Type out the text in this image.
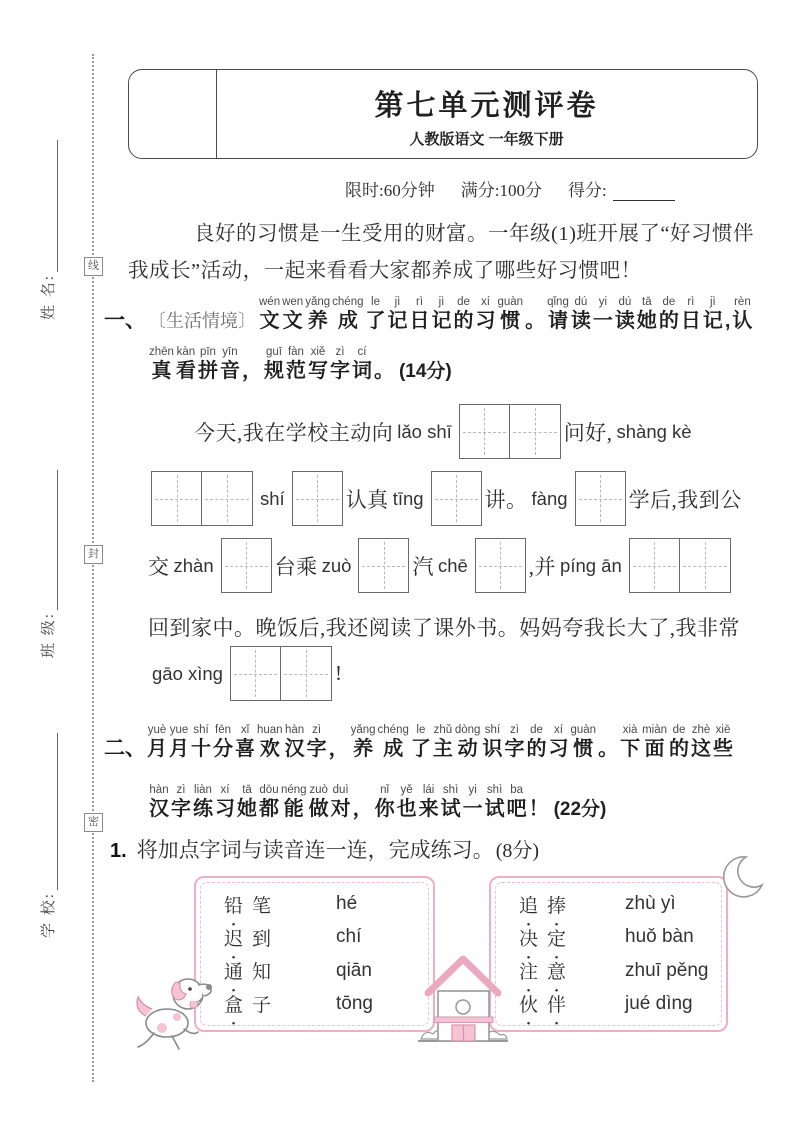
线
封
密
第七单元测评卷
人教版语文 一年级下册
限时:60分钟 满分:100分 得分:
良好的习惯是一生受用的财富。一年级(1)班开展了“好习惯伴
我成长”活动，一起来看看大家都养成了哪些好习惯吧！
一、 〔生活情境〕
wén
文
wen
文
yǎng
养
chéng
成
le
了
jì
记
rì
日
jì
记
de
的
xí
习
guàn
惯
。
qǐng
请
dú
读
yi
一
dú
读
tā
她
de
的
rì
日
jì
记
,
rèn
认
zhēn
真
kàn
看
pīn
拼
yīn
音
，
guī
规
fàn
范
xiě
写
zì
字
cí
词
。 (14分)
今天,我在学校主动向 lǎo shī	问好, shàng kè
shí	认真 tīng	讲。 fàng	学后,我到公
交 zhàn	台乘 zuò	汽 chē	,并 píng ān
回到家中。晚饭后,我还阅读了课外书。妈妈夸我长大了,我非常
gāo xìng	!
二、
yuè
月
yue
月
shí
十
fēn
分
xǐ
喜
huan
欢
hàn
汉
zì
字
，
yǎng
养
chéng
成
le
了
zhǔ
主
dòng
动
shí
识
zì
字
de
的
xí
习
guàn
惯
。
xià
下
miàn
面
de
的
zhè
这
xiē
些
hàn
汉
zì
字
liàn
练
xí
习
tā
她
dōu
都
néng
能
zuò
做
duì
对
，
nǐ
你
yě
也
lái
来
shì
试
yi
一
shì
试
ba
吧
！ (22分)
1. 将加点字词与读音连一连，完成练习。 (8分)
铅 笔	hé
迟 到	chí
通 知	qiān
盒 子	tōng
追 捧	zhù yì
决 定	huǒ bàn
注 意	zhuī pěng
伙 伴	jué dìng
姓 名:
班 级:
学 校:
